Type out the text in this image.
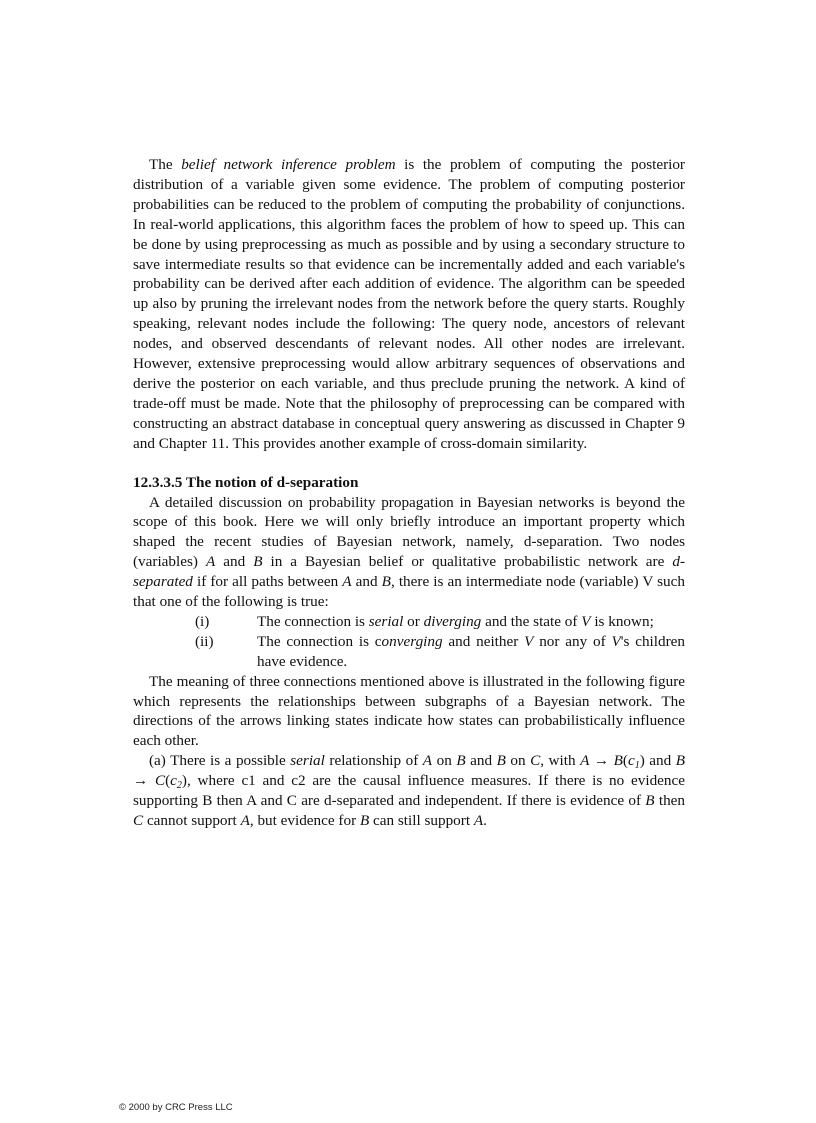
The belief network inference problem is the problem of computing the posterior distribution of a variable given some evidence. The problem of computing posterior probabilities can be reduced to the problem of computing the probability of conjunctions. In real-world applications, this algorithm faces the problem of how to speed up. This can be done by using preprocessing as much as possible and by using a secondary structure to save intermediate results so that evidence can be incrementally added and each variable's probability can be derived after each addition of evidence. The algorithm can be speeded up also by pruning the irrelevant nodes from the network before the query starts. Roughly speaking, relevant nodes include the following: The query node, ancestors of relevant nodes, and observed descendants of relevant nodes. All other nodes are irrelevant. However, extensive preprocessing would allow arbitrary sequences of observations and derive the posterior on each variable, and thus preclude pruning the network. A kind of trade-off must be made. Note that the philosophy of preprocessing can be compared with constructing an abstract database in conceptual query answering as discussed in Chapter 9 and Chapter 11. This provides another example of cross-domain similarity.

12.3.3.5 The notion of d-separation

A detailed discussion on probability propagation in Bayesian networks is beyond the scope of this book. Here we will only briefly introduce an important property which shaped the recent studies of Bayesian network, namely, d-separation. Two nodes (variables) A and B in a Bayesian belief or qualitative probabilistic network are d-separated if for all paths between A and B, there is an intermediate node (variable) V such that one of the following is true:

(i)	The connection is serial or diverging and the state of V is known;
(ii)	The connection is converging and neither V nor any of V's children have evidence.

The meaning of three connections mentioned above is illustrated in the following figure which represents the relationships between subgraphs of a Bayesian network. The directions of the arrows linking states indicate how states can probabilistically influence each other.

(a) There is a possible serial relationship of A on B and B on C, with $A \to B(c_1)$ and $B \to C(c_2)$, where c1 and c2 are the causal influence measures. If there is no evidence supporting B then A and C are d-separated and independent. If there is evidence of B then C cannot support A, but evidence for B can still support A.

© 2000 by CRC Press LLC
